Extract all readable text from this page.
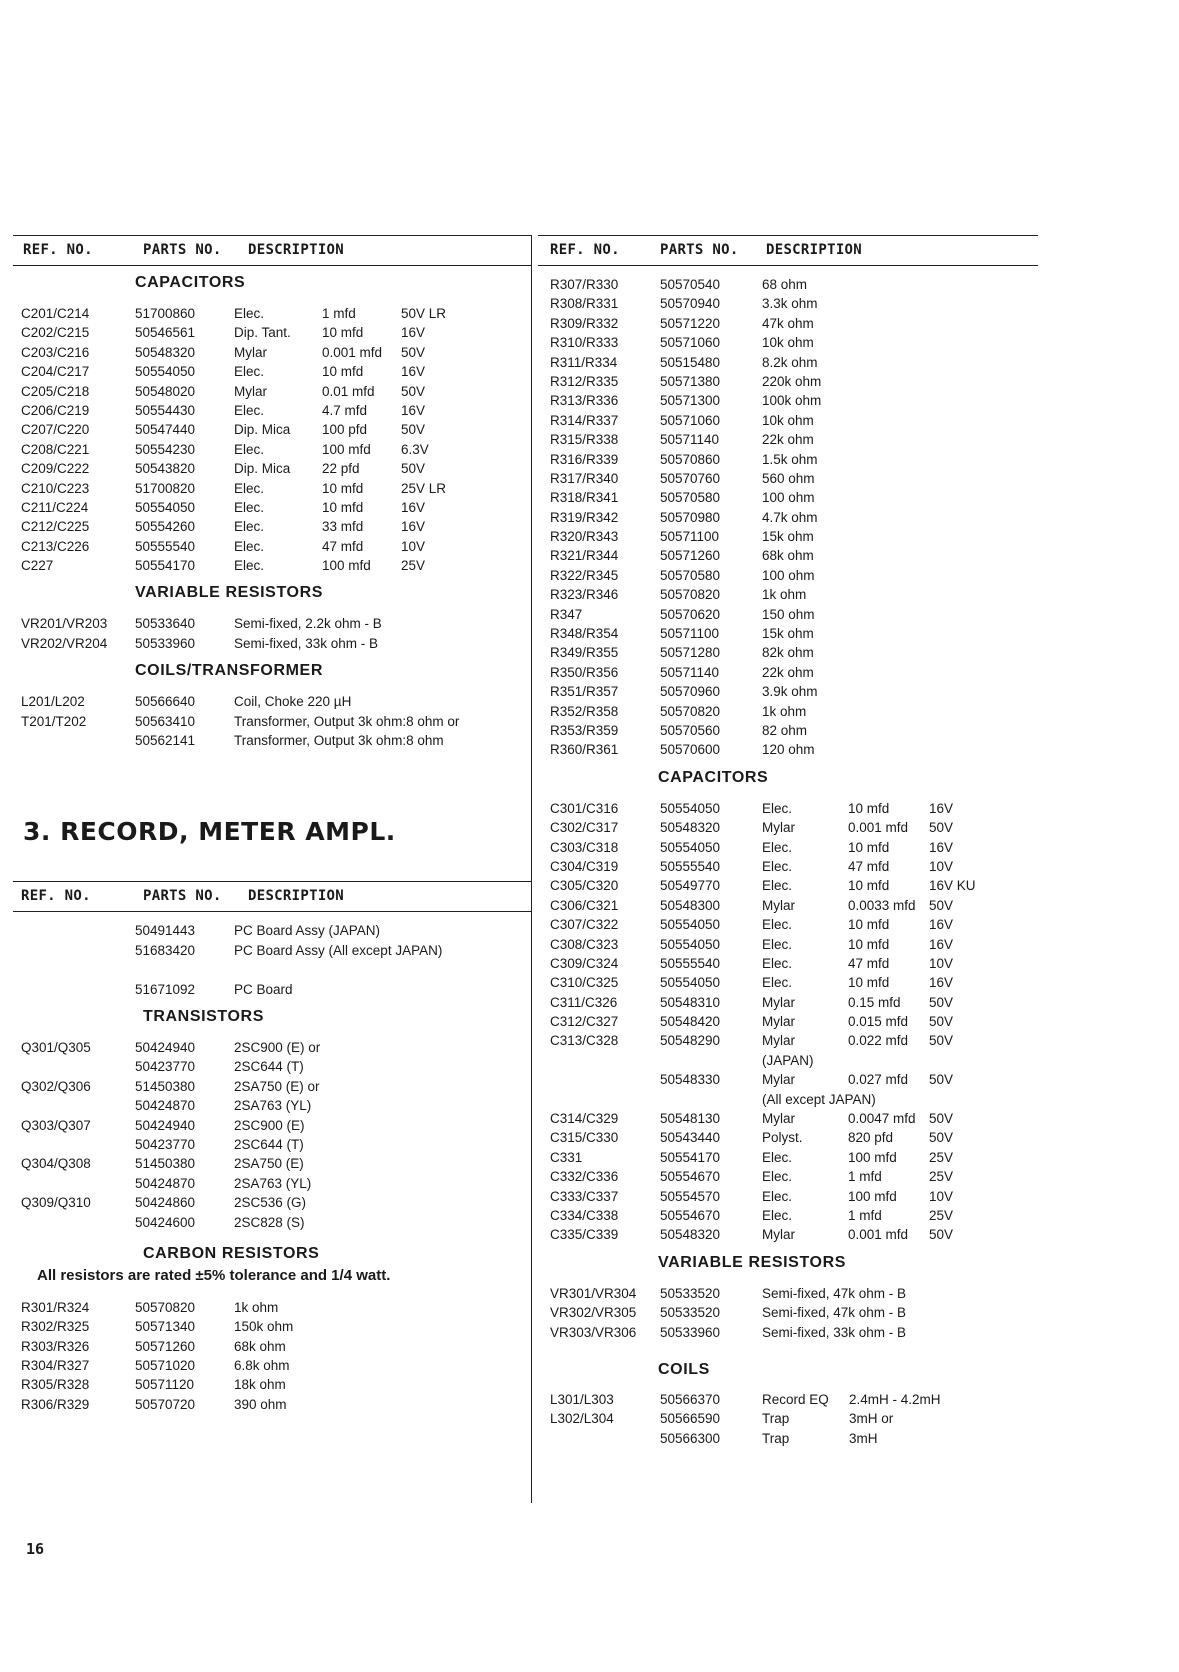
REF. NO.	PARTS NO. DESCRIPTION
CAPACITORS
C201/C214	51700860	Elec.	1 mfd	50V LR
C202/C215	50546561	Dip. Tant. 10 mfd	16V
C203/C216	50548320	Mylar	0.001 mfd 50V
C204/C217	50554050	Elec.	10 mfd	16V
C205/C218	50548020	Mylar	0.01 mfd 50V
C206/C219	50554430	Elec.	4.7 mfd	16V
C207/C220	50547440	Dip. Mica 100 pfd	50V
C208/C221	50554230	Elec.	100 mfd 6.3V
C209/C222	50543820	Dip. Mica 22 pfd	50V
C210/C223	51700820	Elec.	10 mfd	25V LR
C211/C224	50554050	Elec.	10 mfd	16V
C212/C225	50554260	Elec.	33 mfd	16V
C213/C226	50555540	Elec.	47 mfd	10V
C227	50554170	Elec.	100 mfd 25V
VARIABLE RESISTORS
VR201/VR203 50533640	Semi-fixed, 2.2k ohm - B
VR202/VR204 50533960	Semi-fixed, 33k ohm - B
COILS/TRANSFORMER
L201/L202	50566640	Coil, Choke 220 µH
T201/T202	50563410	Transformer, Output 3k ohm:8 ohm or
50562141	Transformer, Output 3k ohm:8 ohm
3. RECORD, METER AMPL.
REF. NO.	PARTS NO. DESCRIPTION
50491443	PC Board Assy (JAPAN)
51683420	PC Board Assy (All except JAPAN)
51671092	PC Board
TRANSISTORS
Q301/Q305	50424940	2SC900 (E) or
50423770	2SC644 (T)
Q302/Q306	51450380	2SA750 (E) or
50424870	2SA763 (YL)
Q303/Q307	50424940	2SC900 (E)
50423770	2SC644 (T)
Q304/Q308	51450380	2SA750 (E)
50424870	2SA763 (YL)
Q309/Q310	50424860	2SC536 (G)
50424600	2SC828 (S)
CARBON RESISTORS
All resistors are rated ±5% tolerance and 1/4 watt.
R301/R324	50570820	1k ohm
R302/R325	50571340	150k ohm
R303/R326	50571260	68k ohm
R304/R327	50571020	6.8k ohm
R305/R328	50571120	18k ohm
R306/R329	50570720	390 ohm
REF. NO.	PARTS NO. DESCRIPTION
R307/R330	50570540	68 ohm
R308/R331	50570940	3.3k ohm
R309/R332	50571220	47k ohm
R310/R333	50571060	10k ohm
R311/R334	50515480	8.2k ohm
R312/R335	50571380	220k ohm
R313/R336	50571300	100k ohm
R314/R337	50571060	10k ohm
R315/R338	50571140	22k ohm
R316/R339	50570860	1.5k ohm
R317/R340	50570760	560 ohm
R318/R341	50570580	100 ohm
R319/R342	50570980	4.7k ohm
R320/R343	50571100	15k ohm
R321/R344	50571260	68k ohm
R322/R345	50570580	100 ohm
R323/R346	50570820	1k ohm
R347	50570620	150 ohm
R348/R354	50571100	15k ohm
R349/R355	50571280	82k ohm
R350/R356	50571140	22k ohm
R351/R357	50570960	3.9k ohm
R352/R358	50570820	1k ohm
R353/R359	50570560	82 ohm
R360/R361	50570600	120 ohm
CAPACITORS
C301/C316	50554050	Elec.	10 mfd	16V
C302/C317	50548320	Mylar	0.001 mfd 50V
C303/C318	50554050	Elec.	10 mfd	16V
C304/C319	50555540	Elec.	47 mfd	10V
C305/C320	50549770	Elec.	10 mfd	16V KU
C306/C321	50548300	Mylar	0.0033 mfd 50V
C307/C322	50554050	Elec.	10 mfd	16V
C308/C323	50554050	Elec.	10 mfd	16V
C309/C324	50555540	Elec.	47 mfd	10V
C310/C325	50554050	Elec.	10 mfd	16V
C311/C326	50548310	Mylar	0.15 mfd 50V
C312/C327	50548420	Mylar	0.015 mfd 50V
C313/C328	50548290	Mylar	0.022 mfd 50V
(JAPAN)
50548330	Mylar	0.027 mfd 50V
(All except JAPAN)
C314/C329	50548130	Mylar	0.0047 mfd 50V
C315/C330	50543440	Polyst.	820 pfd	50V
C331	50554170	Elec.	100 mfd 25V
C332/C336	50554670	Elec.	1 mfd	25V
C333/C337	50554570	Elec.	100 mfd 10V
C334/C338	50554670	Elec.	1 mfd	25V
C335/C339	50548320	Mylar	0.001 mfd 50V
VARIABLE RESISTORS
VR301/VR304 50533520	Semi-fixed, 47k ohm - B
VR302/VR305 50533520	Semi-fixed, 47k ohm - B
VR303/VR306 50533960	Semi-fixed, 33k ohm - B
COILS
L301/L303	50566370	Record EQ 2.4mH - 4.2mH
L302/L304	50566590	Trap	3mH or
50566300	Trap	3mH
16
